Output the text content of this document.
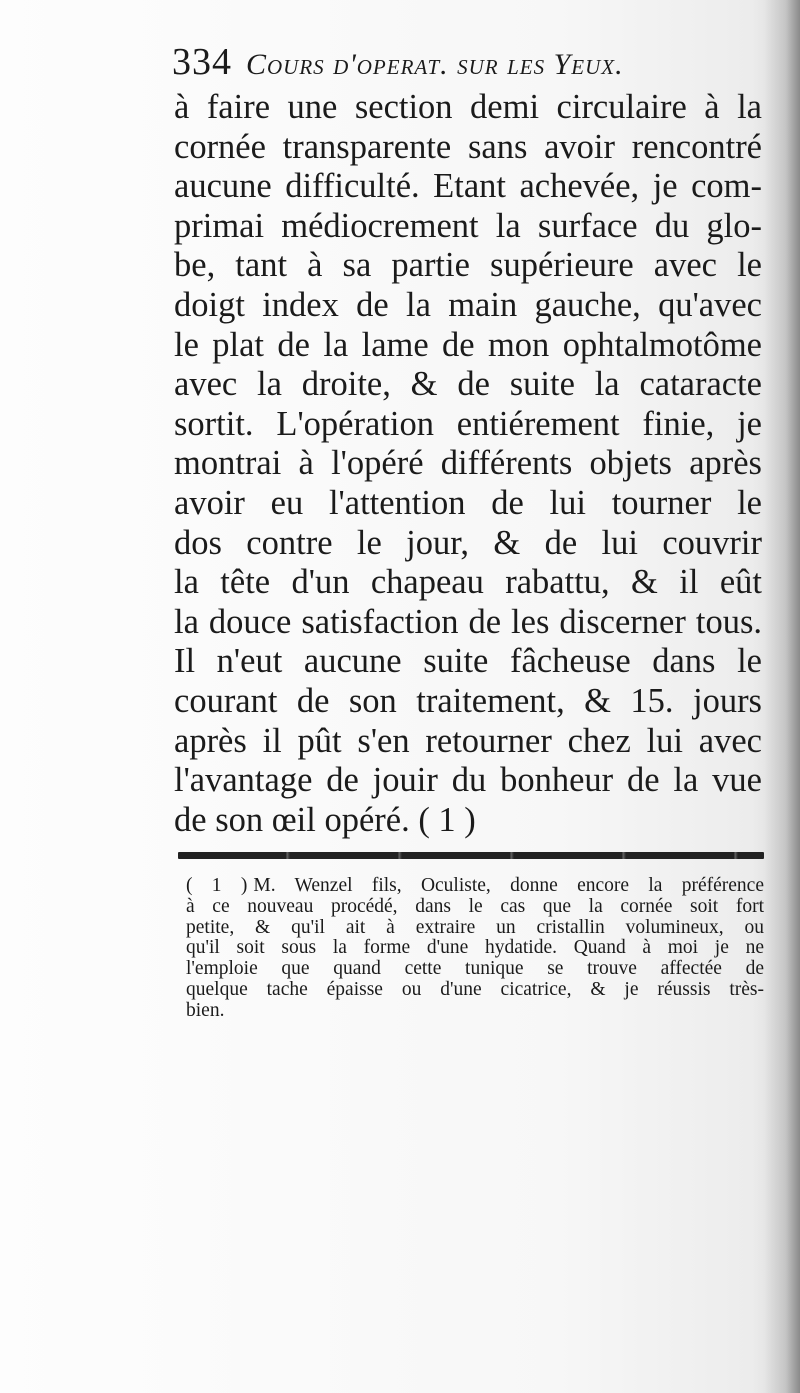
334 Cours d'operat. sur les Yeux.
à faire une section demi circulaire à la
cornée transparente sans avoir rencontré
aucune difficulté. Etant achevée, je com-
primai médiocrement la surface du glo-
be, tant à sa partie supérieure avec le
doigt index de la main gauche, qu'avec
le plat de la lame de mon ophtalmotôme
avec la droite, & de suite la cataracte
sortit. L'opération entiérement finie, je
montrai à l'opéré différents objets après
avoir eu l'attention de lui tourner le
dos contre le jour, & de lui couvrir
la tête d'un chapeau rabattu, & il eût
la douce satisfaction de les discerner tous.
Il n'eut aucune suite fâcheuse dans le
courant de son traitement, & 15. jours
après il pût s'en retourner chez lui avec
l'avantage de jouir du bonheur de la vue
de son œil opéré. ( 1 )
( 1 ) M. Wenzel fils, Oculiste, donne encore la préférence
à ce nouveau procédé, dans le cas que la cornée soit fort
petite, & qu'il ait à extraire un cristallin volumineux, ou
qu'il soit sous la forme d'une hydatide. Quand à moi je ne
l'emploie que quand cette tunique se trouve affectée de
quelque tache épaisse ou d'une cicatrice, & je réussis très-
bien.
